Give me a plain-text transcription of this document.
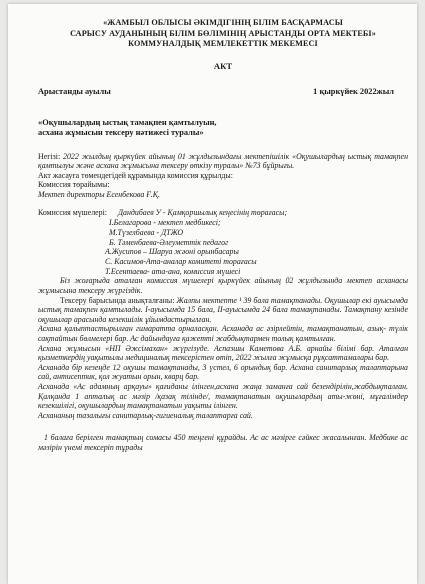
«ЖАМБЫЛ ОБЛЫСЫ ӘКІМДІГІНІҢ БІЛІМ БАСҚАРМАСЫ
САРЫСУ АУДАНЫНЫҢ БІЛІМ БӨЛІМІНІҢ АРЫСТАНДЫ ОРТА МЕКТЕБІ»
КОММУНАЛДЫҚ МЕМЛЕКЕТТІК МЕКЕМЕСІ
АКТ
Арыстанды ауылы	1 қыркүйек 2022жыл
«Оқушылардың ыстық тамақпен қамтылуын,
асхана жұмысын тексеру нәтижесі туралы»
Негізі: 2022 жылдың қыркүйек айының 01 жұлдызындағы мектепішілік «Оқушылардың ыстық тамақпен қамтылуы және асхана жұмысына тексеру өткізу туралы» №73 бұйрығы.
Акт жасауға төмендегідей құрамында комиссия құрылды:
Комиссия төрайымы:
Мектеп директоры Есенбекова Ғ.Қ.
Комиссия мүшелері:	Дандибаев У - Қамқоршылық кеңесінің төрағасы;
І.Белагарова - мектеп медбикесі;
М.Түзелбаева - ДТЖО
Б. Тәменбаева-Әлеуметтік педагог
А.Жусипов – Шаруа жәоні орынбасары
С. Касимов-Ата-аналар комитеті торағасы
Т.Есентаева- ата-ана, комиссия мүшесі
Біз жоғарыда аталған комиссия мүшелері қыркүйек айының 02 жұлдызында мектеп асханасы жұмысына тексеру жүргіздік.
Тексеру барысында анықталғаны: Жалпы мектепте ¹ 39 бала тамақтанады. Оқушылар екі ауысымда ыстық тамақпен қамтылады. І-ауысымда 15 бала, ІІ-ауысымда 24 бала тамақтанады. Тамақтану кезінде оқушылар арасында кезекшілік ұйымдастырылған.
Асхана қалыптастырылған гимаратта орналасқан. Асханада ас әзірлейтін, тамақтанатын, азық- түлік сақтайтын бөлмелері бар. Ас дайындауға қажетті жабдықтармен толық қамтылған.
Асхана жұмысын «НП Әжсімахан» жүргізуде. Аспазшы Каметова А.Б. арнайы білімі бар. Аталған қызметкердің уақытылы медициналық тексерістен өтіп, 2022 жылға жұмысқа рұқсаттамалары бар.
Асханада бір кезеңде 12 оқушы тамақтанады, 3 үстел, 6 орындық бар. Асхана санитарлық талаптарына сай, антисептик, қол жуатын орын, кварц бар.
Асханада «Ас адамның арқауы» қағиданы ілінген,асхана жаңа заманға сай безендірілін,жабдықталған. Қалқанда 1 апталық ас мәзір /қазақ тілінде/, тамақтанатын оқушылардың аты-жөні, мұғалімдер кезекшілігі, оқушылардың тамақтанатын уақыты ілінген.
Асхананың тазалығы санитарлық-гигиеналық талаптарға сай.
1 балаға берілген тамақтың сомасы 450 теңгені құрайды. Ас ас мәзірге сәйкес жасалынған. Медбике ас мәзірін үнемі тексеріп тұрады
